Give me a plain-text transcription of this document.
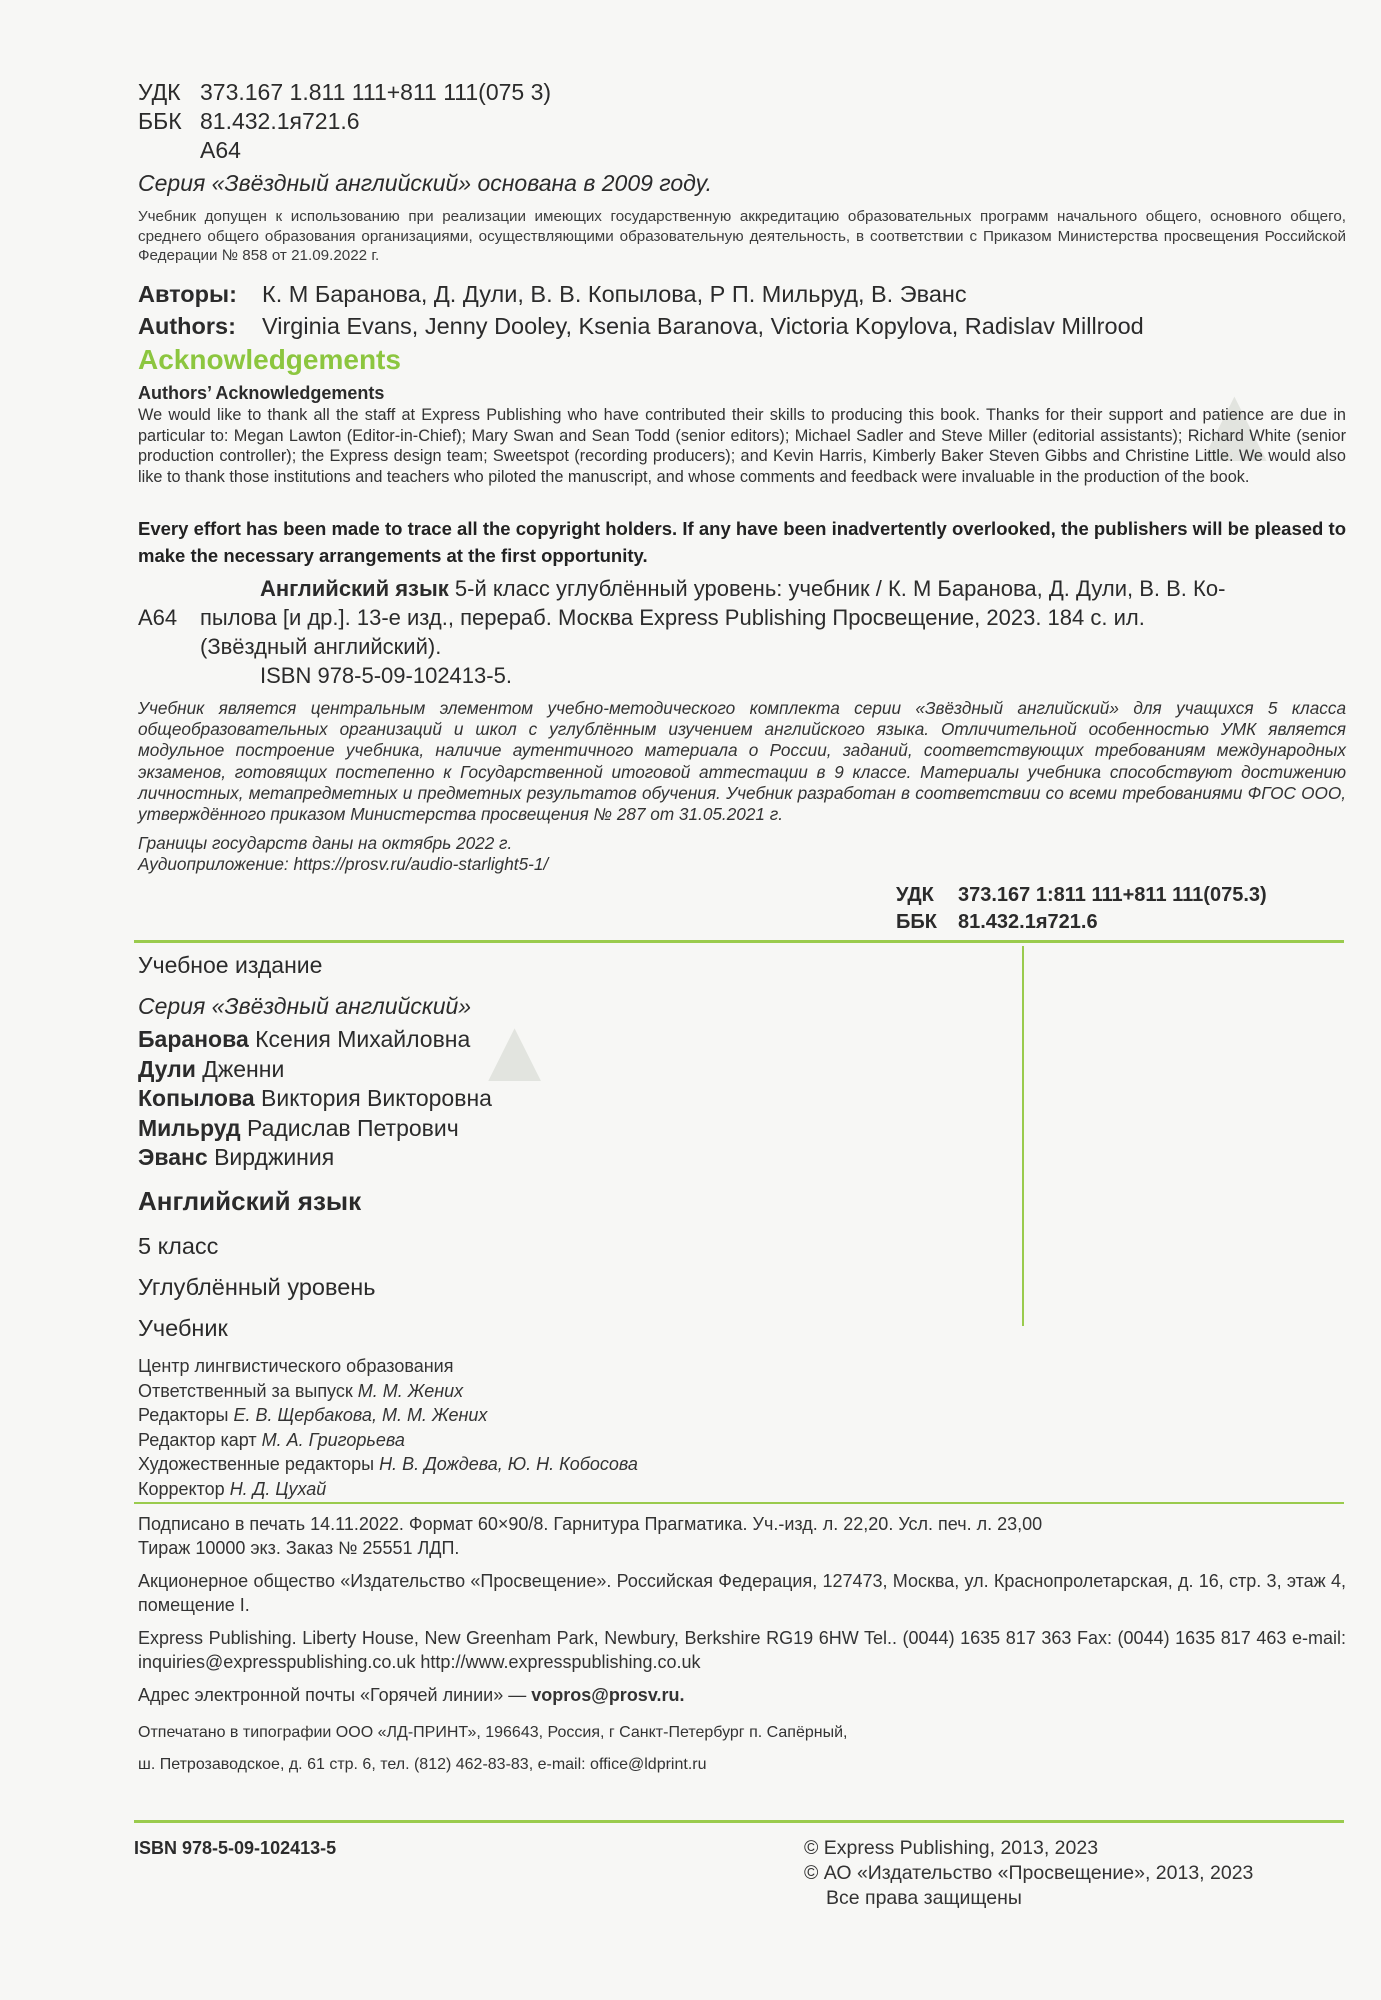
▲
▲
УДК 373.167 1.811 111+811 111(075 3)
ББК 81.432.1я721.6
А64
Серия «Звёздный английский» основана в 2009 году.
Учебник допущен к использованию при реализации имеющих государственную аккредитацию образовательных программ начального общего, основного общего, среднего общего образования организациями, осуществляющими образовательную деятельность, в соответствии с Приказом Министерства просвещения Российской Федерации № 858 от 21.09.2022 г.
Авторы: К. М Баранова, Д. Дули, В. В. Копылова, Р П. Мильруд, В. Эванс
Authors: Virginia Evans, Jenny Dooley, Ksenia Baranova, Victoria Kopylova, Radislav Millrood
Acknowledgements
Authors’ Acknowledgements
We would like to thank all the staff at Express Publishing who have contributed their skills to producing this book. Thanks for their support and patience are due in particular to: Megan Lawton (Editor-in-Chief); Mary Swan and Sean Todd (senior editors); Michael Sadler and Steve Miller (editorial assistants); Richard White (senior production controller); the Express design team; Sweetspot (recording producers); and Kevin Harris, Kimberly Baker Steven Gibbs and Christine Little. We would also like to thank those institutions and teachers who piloted the manuscript, and whose comments and feedback were invaluable in the production of the book.
Every effort has been made to trace all the copyright holders. If any have been inadvertently overlooked, the publishers will be pleased to make the necessary arrangements at the first opportunity.
А64
Английский язык 5-й класс углублённый уровень: учебник / К. М Баранова, Д. Дули, В. В. Ко-
пылова [и др.]. 13-е изд., перераб. Москва Express Publishing Просвещение, 2023. 184 с. ил.
(Звёздный английский).
ISBN 978-5-09-102413-5.
Учебник является центральным элементом учебно-методического комплекта серии «Звёздный английский» для учащихся 5 класса общеобразовательных организаций и школ с углублённым изучением английского языка. Отличительной особенностью УМК является модульное построение учебника, наличие аутентичного материала о России, заданий, соответствующих требованиям международных экзаменов, готовящих постепенно к Государственной итоговой аттестации в 9 классе. Материалы учебника способствуют достижению личностных, метапредметных и предметных результатов обучения. Учебник разработан в соответствии со всеми требованиями ФГОС ООО, утверждённого приказом Министерства просвещения № 287 от 31.05.2021 г.
Границы государств даны на октябрь 2022 г.
Аудиоприложение: https://prosv.ru/audio-starlight5-1/
УДК 373.167 1:811 111+811 111(075.3)
ББК 81.432.1я721.6
Учебное издание
Серия «Звёздный английский»
Баранова Ксения Михайловна
Дули Дженни
Копылова Виктория Викторовна
Мильруд Радислав Петрович
Эванс Вирджиния
Английский язык
5 класс
Углублённый уровень
Учебник
Центр лингвистического образования
Ответственный за выпуск М. М. Жених
Редакторы Е. В. Щербакова, М. М. Жених
Редактор карт М. А. Григорьева
Художественные редакторы Н. В. Дождева, Ю. Н. Кобосова
Корректор Н. Д. Цухай

Подписано в печать 14.11.2022. Формат 60×90/8. Гарнитура Прагматика. Уч.-изд. л. 22,20. Усл. печ. л. 23,00
Тираж 10000 экз. Заказ № 25551 ЛДП.

Акционерное общество «Издательство «Просвещение». Российская Федерация, 127473, Москва, ул. Краснопролетарская, д. 16, стр. 3, этаж 4, помещение I.

Express Publishing. Liberty House, New Greenham Park, Newbury, Berkshire RG19 6HW Tel.. (0044) 1635 817 363 Fax: (0044) 1635 817 463 e-mail: inquiries@expresspublishing.co.uk http://www.expresspublishing.co.uk

Адрес электронной почты «Горячей линии» — vopros@prosv.ru.

Отпечатано в типографии ООО «ЛД-ПРИНТ», 196643, Россия, г Санкт-Петербург п. Сапёрный,
ш. Петрозаводское, д. 61 стр. 6, тел. (812) 462-83-83, e-mail: office@ldprint.ru
ISBN 978-5-09-102413-5	© Express Publishing, 2013, 2023
© АО «Издательство «Просвещение», 2013, 2023
Все права защищены
